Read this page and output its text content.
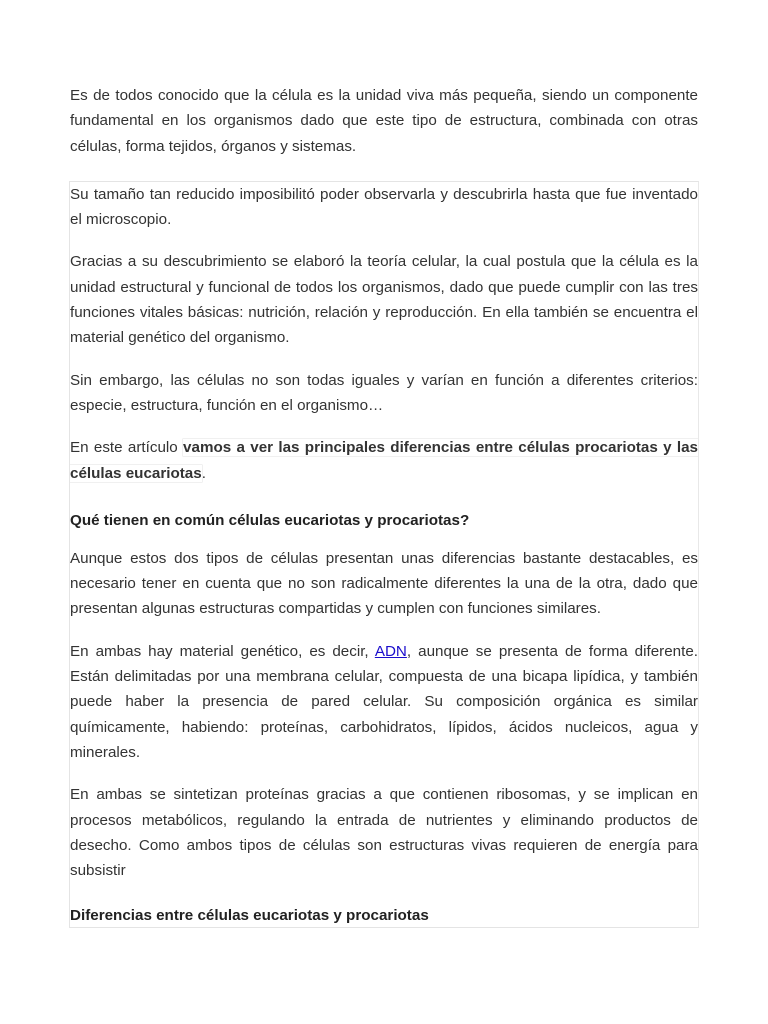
Es de todos conocido que la célula es la unidad viva más pequeña, siendo un componente fundamental en los organismos dado que este tipo de estructura, combinada con otras células, forma tejidos, órganos y sistemas.

Su tamaño tan reducido imposibilitó poder observarla y descubrirla hasta que fue inventado el microscopio.

Gracias a su descubrimiento se elaboró la teoría celular, la cual postula que la célula es la unidad estructural y funcional de todos los organismos, dado que puede cumplir con las tres funciones vitales básicas: nutrición, relación y reproducción. En ella también se encuentra el material genético del organismo.

Sin embargo, las células no son todas iguales y varían en función a diferentes criterios: especie, estructura, función en el organismo…

En este artículo vamos a ver las principales diferencias entre células procariotas y las células eucariotas.

Qué tienen en común células eucariotas y procariotas?

Aunque estos dos tipos de células presentan unas diferencias bastante destacables, es necesario tener en cuenta que no son radicalmente diferentes la una de la otra, dado que presentan algunas estructuras compartidas y cumplen con funciones similares.

En ambas hay material genético, es decir, ADN, aunque se presenta de forma diferente. Están delimitadas por una membrana celular, compuesta de una bicapa lipídica, y también puede haber la presencia de pared celular. Su composición orgánica es similar químicamente, habiendo: proteínas, carbohidratos, lípidos, ácidos nucleicos, agua y minerales.

En ambas se sintetizan proteínas gracias a que contienen ribosomas, y se implican en procesos metabólicos, regulando la entrada de nutrientes y eliminando productos de desecho. Como ambos tipos de células son estructuras vivas requieren de energía para subsistir

Diferencias entre células eucariotas y procariotas
